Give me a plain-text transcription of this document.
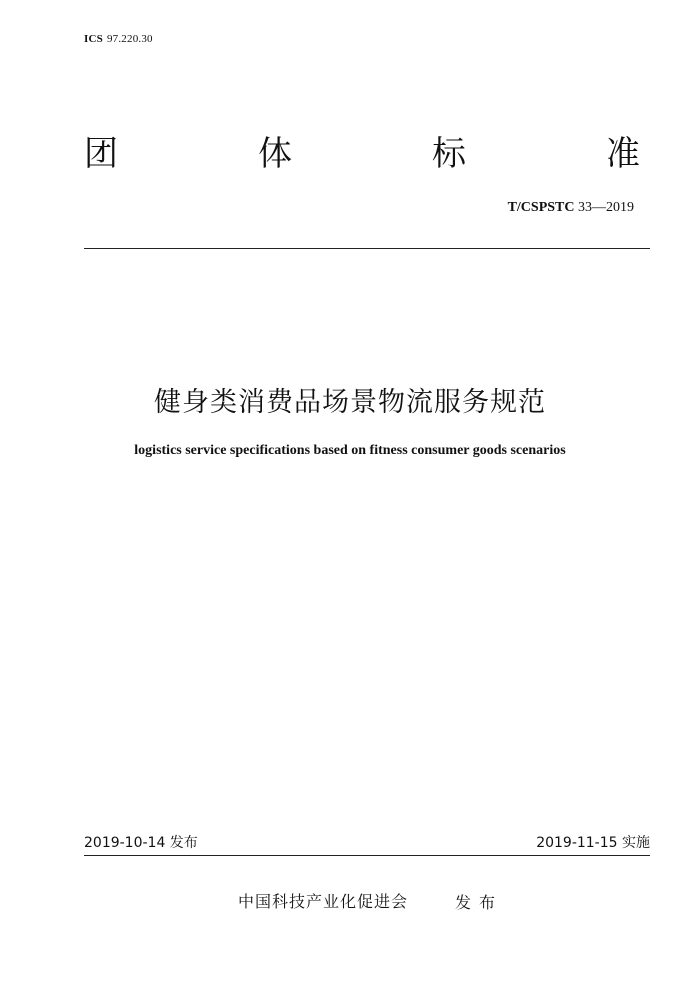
ICS 97.220.30
团	体	标	准
T/CSPSTC 33—2019
健身类消费品场景物流服务规范
logistics service specifications based on fitness consumer goods scenarios
2019-10-14 发布	2019-11-15 实施
中国科技产业化促进会	发布
